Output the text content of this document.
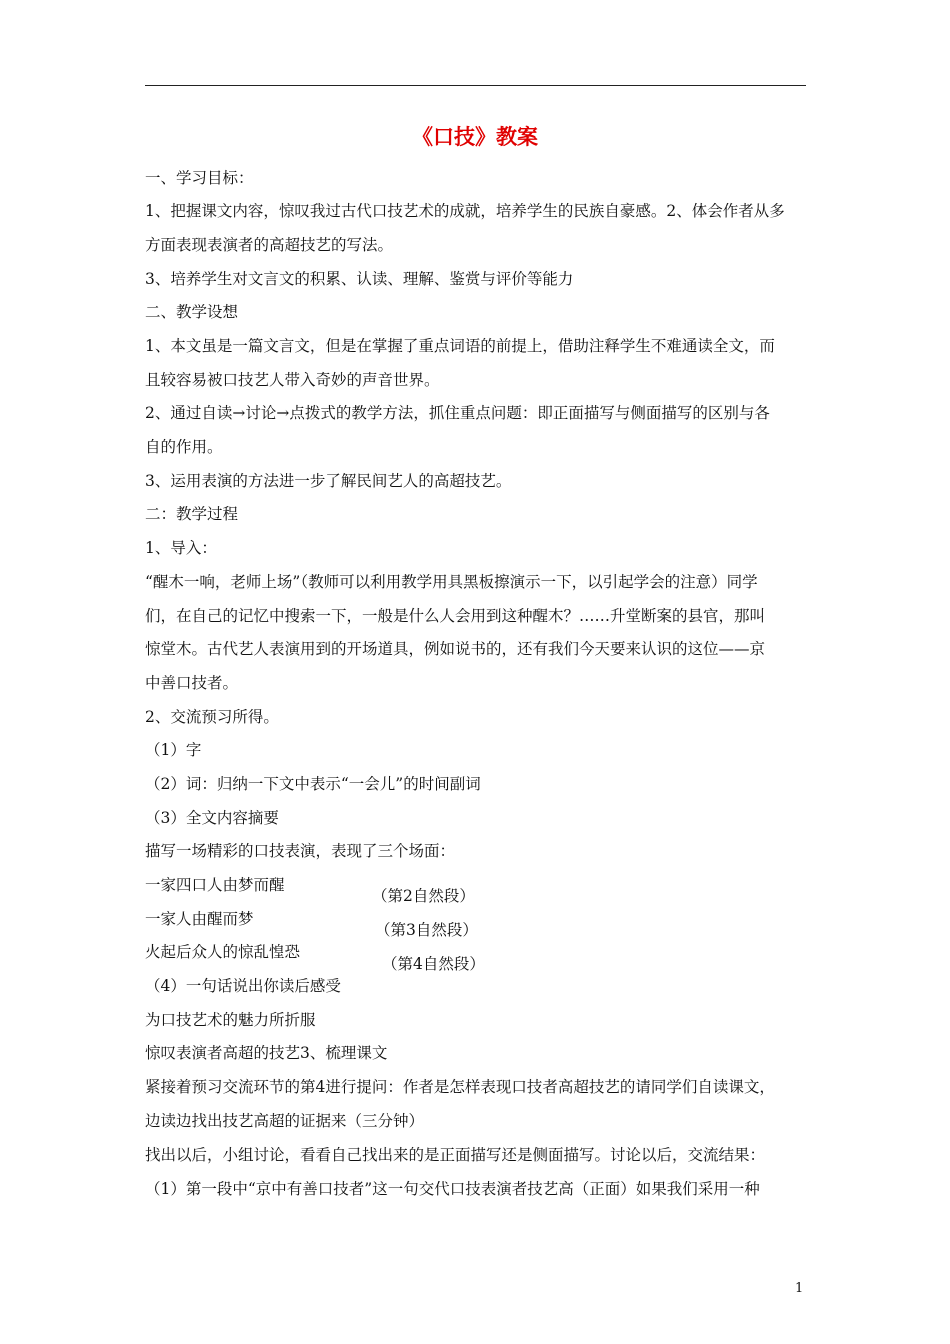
《口技》教案
一、学习目标：
1、把握课文内容，惊叹我过古代口技艺术的成就，培养学生的民族自豪感。2、体会作者从多
方面表现表演者的高超技艺的写法。
3、培养学生对文言文的积累、认读、理解、鉴赏与评价等能力
二、教学设想
1、本文虽是一篇文言文，但是在掌握了重点词语的前提上，借助注释学生不难通读全文，而
且较容易被口技艺人带入奇妙的声音世界。
2、通过自读→讨论→点拨式的教学方法，抓住重点问题：即正面描写与侧面描写的区别与各
自的作用。
3、运用表演的方法进一步了解民间艺人的高超技艺。
二：教学过程
1、导入：
“醒木一响，老师上场”（教师可以利用教学用具黑板擦演示一下，以引起学会的注意）同学
们，在自己的记忆中搜索一下，一般是什么人会用到这种醒木？……升堂断案的县官，那叫
惊堂木。古代艺人表演用到的开场道具，例如说书的，还有我们今天要来认识的这位——京
中善口技者。
2、交流预习所得。
（1）字
（2）词：归纳一下文中表示“一会儿”的时间副词
（3）全文内容摘要
描写一场精彩的口技表演，表现了三个场面：
一家四口人由梦而醒
一家人由醒而梦
火起后众人的惊乱惶恐
（4）一句话说出你读后感受
为口技艺术的魅力所折服
惊叹表演者高超的技艺3、梳理课文
紧接着预习交流环节的第4进行提问：作者是怎样表现口技者高超技艺的请同学们自读课文，
边读边找出技艺高超的证据来（三分钟）
找出以后，小组讨论，看看自己找出来的是正面描写还是侧面描写。讨论以后，交流结果：
（1）第一段中“京中有善口技者”这一句交代口技表演者技艺高（正面）如果我们采用一种
（第2自然段）
（第3自然段）
（第4自然段）
1
